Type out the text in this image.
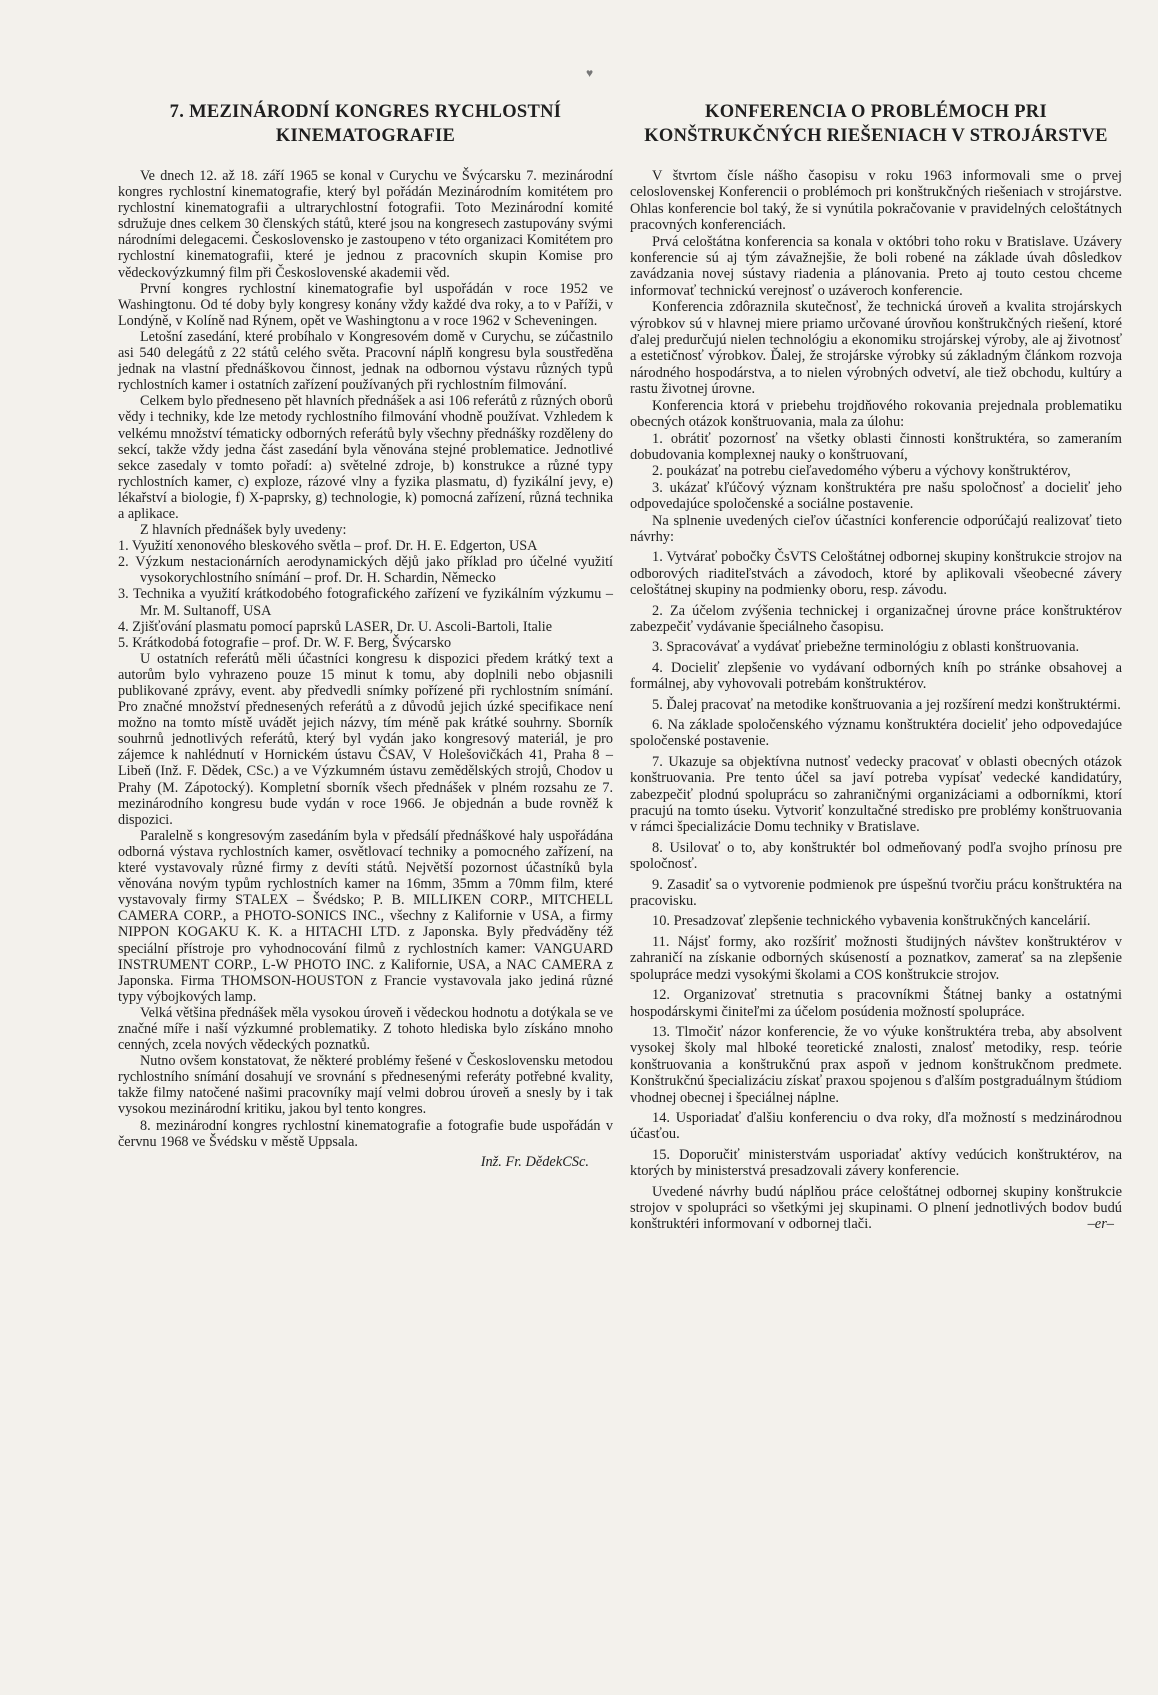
♥
7. MEZINÁRODNÍ KONGRES RYCHLOSTNÍ KINEMATOGRAFIE

Ve dnech 12. až 18. září 1965 se konal v Curychu ve Švýcarsku 7. mezinárodní kongres rychlostní kinematografie, který byl pořádán Mezinárodním komitétem pro rychlostní kinematografii a ultrarychlostní fotografii. Toto Mezinárodní komité sdružuje dnes celkem 30 členských států, které jsou na kongresech zastupovány svými národními delegacemi. Československo je zastoupeno v této organizaci Komitétem pro rychlostní kinematografii, které je jednou z pracovních skupin Komise pro vědeckovýzkumný film při Československé akademii věd.

První kongres rychlostní kinematografie byl uspořádán v roce 1952 ve Washingtonu. Od té doby byly kongresy konány vždy každé dva roky, a to v Paříži, v Londýně, v Kolíně nad Rýnem, opět ve Washingtonu a v roce 1962 v Scheveningen.

Letošní zasedání, které probíhalo v Kongresovém domě v Curychu, se zúčastnilo asi 540 delegátů z 22 států celého světa. Pracovní náplň kongresu byla soustředěna jednak na vlastní přednáškovou činnost, jednak na odbornou výstavu různých typů rychlostních kamer i ostatních zařízení používaných při rychlostním filmování.

Celkem bylo předneseno pět hlavních přednášek a asi 106 referátů z různých oborů vědy i techniky, kde lze metody rychlostního filmování vhodně používat. Vzhledem k velkému množství tématicky odborných referátů byly všechny přednášky rozděleny do sekcí, takže vždy jedna část zasedání byla věnována stejné problematice. Jednotlivé sekce zasedaly v tomto pořadí: a) světelné zdroje, b) konstrukce a různé typy rychlostních kamer, c) exploze, rázové vlny a fyzika plasmatu, d) fyzikální jevy, e) lékařství a biologie, f) X-paprsky, g) technologie, k) pomocná zařízení, různá technika a aplikace.

Z hlavních přednášek byly uvedeny:

1. Využití xenonového bleskového světla – prof. Dr. H. E. Edgerton, USA
2. Výzkum nestacionárních aerodynamických dějů jako příklad pro účelné využití vysokorychlostního snímání – prof. Dr. H. Schardin, Německo
3. Technika a využití krátkodobého fotografického zařízení ve fyzikálním výzkumu – Mr. M. Sultanoff, USA
4. Zjišťování plasmatu pomocí paprsků LASER, Dr. U. Ascoli-Bartoli, Italie
5. Krátkodobá fotografie – prof. Dr. W. F. Berg, Švýcarsko

U ostatních referátů měli účastníci kongresu k dispozici předem krátký text a autorům bylo vyhrazeno pouze 15 minut k tomu, aby doplnili nebo objasnili publikované zprávy, event. aby předvedli snímky pořízené při rychlostním snímání. Pro značné množství přednesených referátů a z důvodů jejich úzké specifikace není možno na tomto místě uvádět jejich názvy, tím méně pak krátké souhrny. Sborník souhrnů jednotlivých referátů, který byl vydán jako kongresový materiál, je pro zájemce k nahlédnutí v Hornickém ústavu ČSAV, V Holešovičkách 41, Praha 8 – Libeň (Inž. F. Dědek, CSc.) a ve Výzkumném ústavu zemědělských strojů, Chodov u Prahy (M. Zápotocký). Kompletní sborník všech přednášek v plném rozsahu ze 7. mezinárodního kongresu bude vydán v roce 1966. Je objednán a bude rovněž k dispozici.

Paralelně s kongresovým zasedáním byla v předsálí přednáškové haly uspořádána odborná výstava rychlostních kamer, osvětlovací techniky a pomocného zařízení, na které vystavovaly různé firmy z devíti států. Největší pozornost účastníků byla věnována novým typům rychlostních kamer na 16mm, 35mm a 70mm film, které vystavovaly firmy STALEX – Švédsko; P. B. MILLIKEN CORP., MITCHELL CAMERA CORP., a PHOTO-SONICS INC., všechny z Kalifornie v USA, a firmy NIPPON KOGAKU K. K. a HITACHI LTD. z Japonska. Byly předváděny též speciální přístroje pro vyhodnocování filmů z rychlostních kamer: VANGUARD INSTRUMENT CORP., L-W PHOTO INC. z Kalifornie, USA, a NAC CAMERA z Japonska. Firma THOMSON-HOUSTON z Francie vystavovala jako jediná různé typy výbojkových lamp.

Velká většina přednášek měla vysokou úroveň i vědeckou hodnotu a dotýkala se ve značné míře i naší výzkumné problematiky. Z tohoto hlediska bylo získáno mnoho cenných, zcela nových vědeckých poznatků.

Nutno ovšem konstatovat, že některé problémy řešené v Československu metodou rychlostního snímání dosahují ve srovnání s přednesenými referáty potřebné kvality, takže filmy natočené našimi pracovníky mají velmi dobrou úroveň a snesly by i tak vysokou mezinárodní kritiku, jakou byl tento kongres.

8. mezinárodní kongres rychlostní kinematografie a fotografie bude uspořádán v červnu 1968 ve Švédsku v městě Uppsala.

Inž. Fr. DědekCSc.
KONFERENCIA O PROBLÉMOCH PRI KONŠTRUKČNÝCH RIEŠENIACH V STROJÁRSTVE

V štvrtom čísle nášho časopisu v roku 1963 informovali sme o prvej celoslovenskej Konferencii o problémoch pri konštrukčných riešeniach v strojárstve. Ohlas konferencie bol taký, že si vynútila pokračovanie v pravidelných celoštátnych pracovných konferenciách.

Prvá celoštátna konferencia sa konala v októbri toho roku v Bratislave. Uzávery konferencie sú aj tým závažnejšie, že boli robené na základe úvah dôsledkov zavádzania novej sústavy riadenia a plánovania. Preto aj touto cestou chceme informovať technickú verejnosť o uzáveroch konferencie.

Konferencia zdôraznila skutečnosť, že technická úroveň a kvalita strojárskych výrobkov sú v hlavnej miere priamo určované úrovňou konštrukčných riešení, ktoré ďalej predurčujú nielen technológiu a ekonomiku strojárskej výroby, ale aj životnosť a estetičnosť výrobkov. Ďalej, že strojárske výrobky sú základným článkom rozvoja národného hospodárstva, a to nielen výrobných odvetví, ale tiež obchodu, kultúry a rastu životnej úrovne.

Konferencia ktorá v priebehu trojdňového rokovania prejednala problematiku obecných otázok konštruovania, mala za úlohu:

1. obrátiť pozornosť na všetky oblasti činnosti konštruktéra, so zameraním dobudovania komplexnej nauky o konštruovaní,

2. poukázať na potrebu cieľavedomého výberu a výchovy konštruktérov,

3. ukázať kľúčový význam konštruktéra pre našu spoločnosť a docieliť jeho odpovedajúce spoločenské a sociálne postavenie.

Na splnenie uvedených cieľov účastníci konferencie odporúčajú realizovať tieto návrhy:

1. Vytvárať pobočky ČsVTS Celoštátnej odbornej skupiny konštrukcie strojov na odborových riaditeľstvách a závodoch, ktoré by aplikovali všeobecné závery celoštátnej skupiny na podmienky oboru, resp. závodu.

2. Za účelom zvýšenia technickej i organizačnej úrovne práce konštruktérov zabezpečiť vydávanie špeciálneho časopisu.

3. Spracovávať a vydávať priebežne terminológiu z oblasti konštruovania.

4. Docieliť zlepšenie vo vydávaní odborných kníh po stránke obsahovej a formálnej, aby vyhovovali potrebám konštruktérov.

5. Ďalej pracovať na metodike konštruovania a jej rozšírení medzi konštruktérmi.

6. Na základe spoločenského významu konštruktéra docieliť jeho odpovedajúce spoločenské postavenie.

7. Ukazuje sa objektívna nutnosť vedecky pracovať v oblasti obecných otázok konštruovania. Pre tento účel sa javí potreba vypísať vedecké kandidatúry, zabezpečiť plodnú spoluprácu so zahraničnými organizáciami a odborníkmi, ktorí pracujú na tomto úseku. Vytvoriť konzultačné stredisko pre problémy konštruovania v rámci špecializácie Domu techniky v Bratislave.

8. Usilovať o to, aby konštruktér bol odmeňovaný podľa svojho prínosu pre spoločnosť.

9. Zasadiť sa o vytvorenie podmienok pre úspešnú tvorčiu prácu konštruktéra na pracovisku.

10. Presadzovať zlepšenie technického vybavenia konštrukčných kancelárií.

11. Nájsť formy, ako rozšíriť možnosti študijných návštev konštruktérov v zahraničí na získanie odborných skúseností a poznatkov, zamerať sa na zlepšenie spolupráce medzi vysokými školami a COS konštrukcie strojov.

12. Organizovať stretnutia s pracovníkmi Štátnej banky a ostatnými hospodárskymi činiteľmi za účelom posúdenia možností spolupráce.

13. Tlmočiť názor konferencie, že vo výuke konštruktéra treba, aby absolvent vysokej školy mal hlboké teoretické znalosti, znalosť metodiky, resp. teórie konštruovania a konštrukčnú prax aspoň v jednom konštrukčnom predmete. Konštrukčnú špecializáciu získať praxou spojenou s ďalším postgraduálnym štúdiom vhodnej obecnej i špeciálnej náplne.

14. Usporiadať ďalšiu konferenciu o dva roky, dľa možností s medzinárodnou účasťou.

15. Doporučiť ministerstvám usporiadať aktívy vedúcich konštruktérov, na ktorých by ministerstvá presadzovali závery konferencie.

Uvedené návrhy budú náplňou práce celoštátnej odbornej skupiny konštrukcie strojov v spolupráci so všetkými jej skupinami. O plnení jednotlivých bodov budú konštruktéri informovaní v odbornej tlači.	–er–
